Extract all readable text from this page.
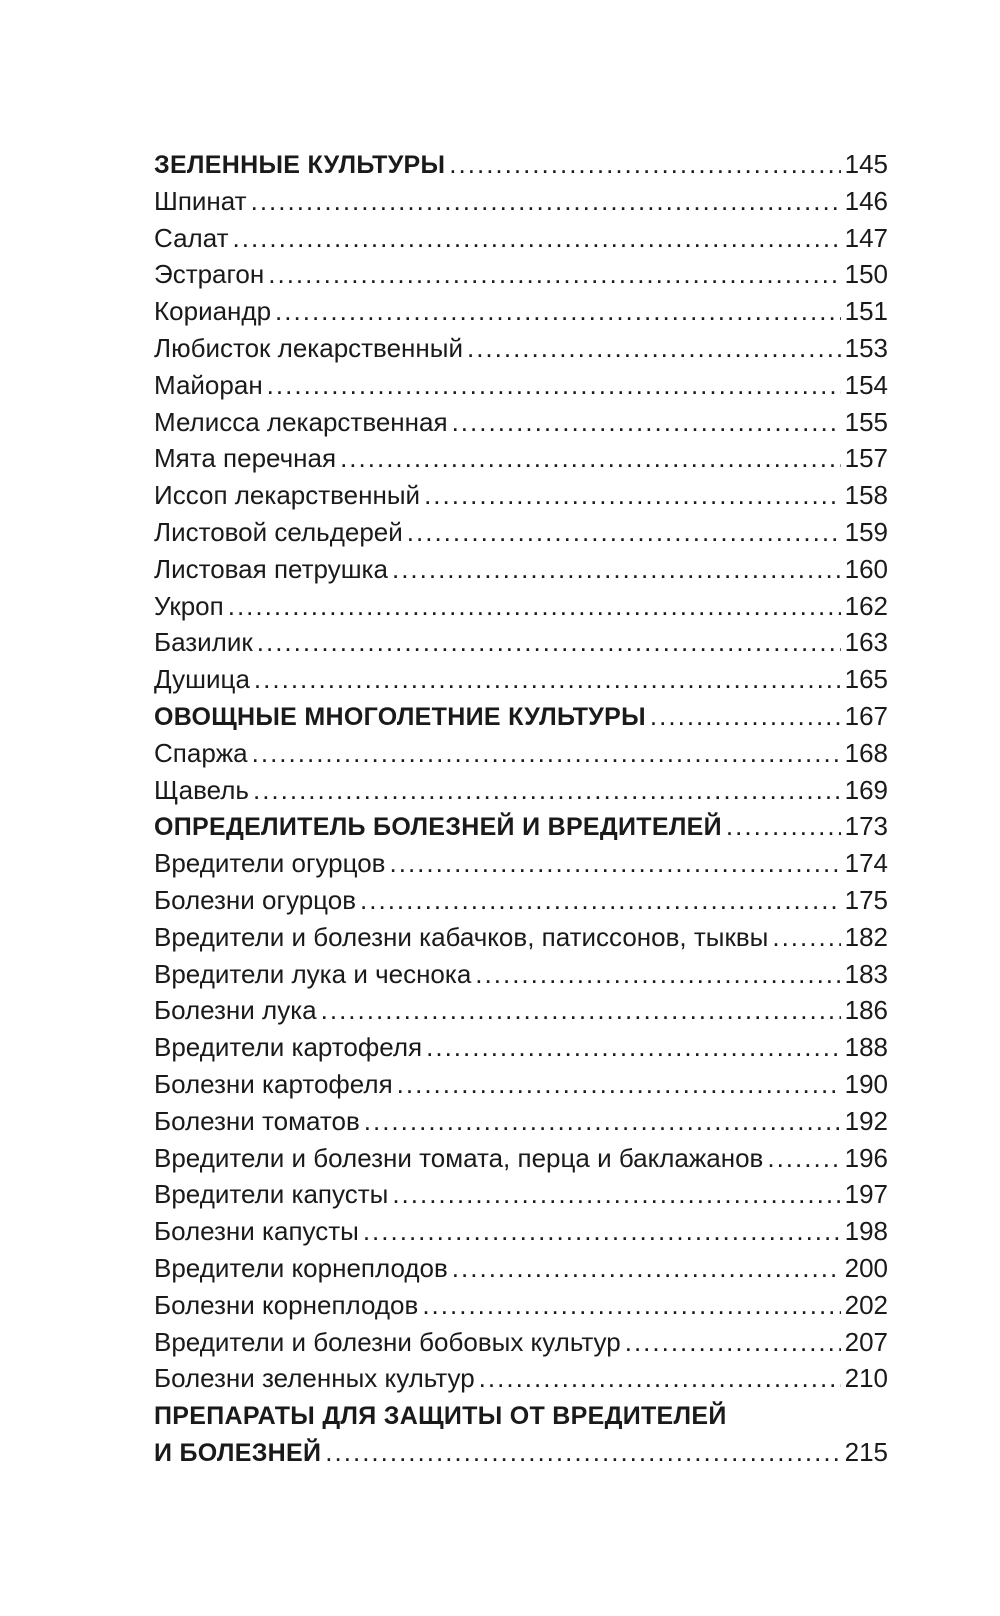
ЗЕЛЕННЫЕ КУЛЬТУРЫ .....	145
Шпинат .....	146
Салат .....	147
Эстрагон .....	150
Кориандр .....	151
Любисток лекарственный .....	153
Майоран .....	154
Мелисса лекарственная .....	155
Мята перечная .....	157
Иссоп лекарственный .....	158
Листовой сельдерей .....	159
Листовая петрушка .....	160
Укроп .....	162
Базилик .....	163
Душица .....	165
ОВОЩНЫЕ МНОГОЛЕТНИЕ КУЛЬТУРЫ .....	167
Спаржа .....	168
Щавель .....	169
ОПРЕДЕЛИТЕЛЬ БОЛЕЗНЕЙ И ВРЕДИТЕЛЕЙ .....	173
Вредители огурцов .....	174
Болезни огурцов .....	175
Вредители и болезни кабачков, патиссонов, тыквы .....	182
Вредители лука и чеснока .....	183
Болезни лука .....	186
Вредители картофеля .....	188
Болезни картофеля .....	190
Болезни томатов .....	192
Вредители и болезни томата, перца и баклажанов .....	196
Вредители капусты .....	197
Болезни капусты .....	198
Вредители корнеплодов .....	200
Болезни корнеплодов .....	202
Вредители и болезни бобовых культур .....	207
Болезни зеленных культур .....	210
ПРЕПАРАТЫ ДЛЯ ЗАЩИТЫ ОТ ВРЕДИТЕЛЕЙ
И БОЛЕЗНЕЙ .....	215
